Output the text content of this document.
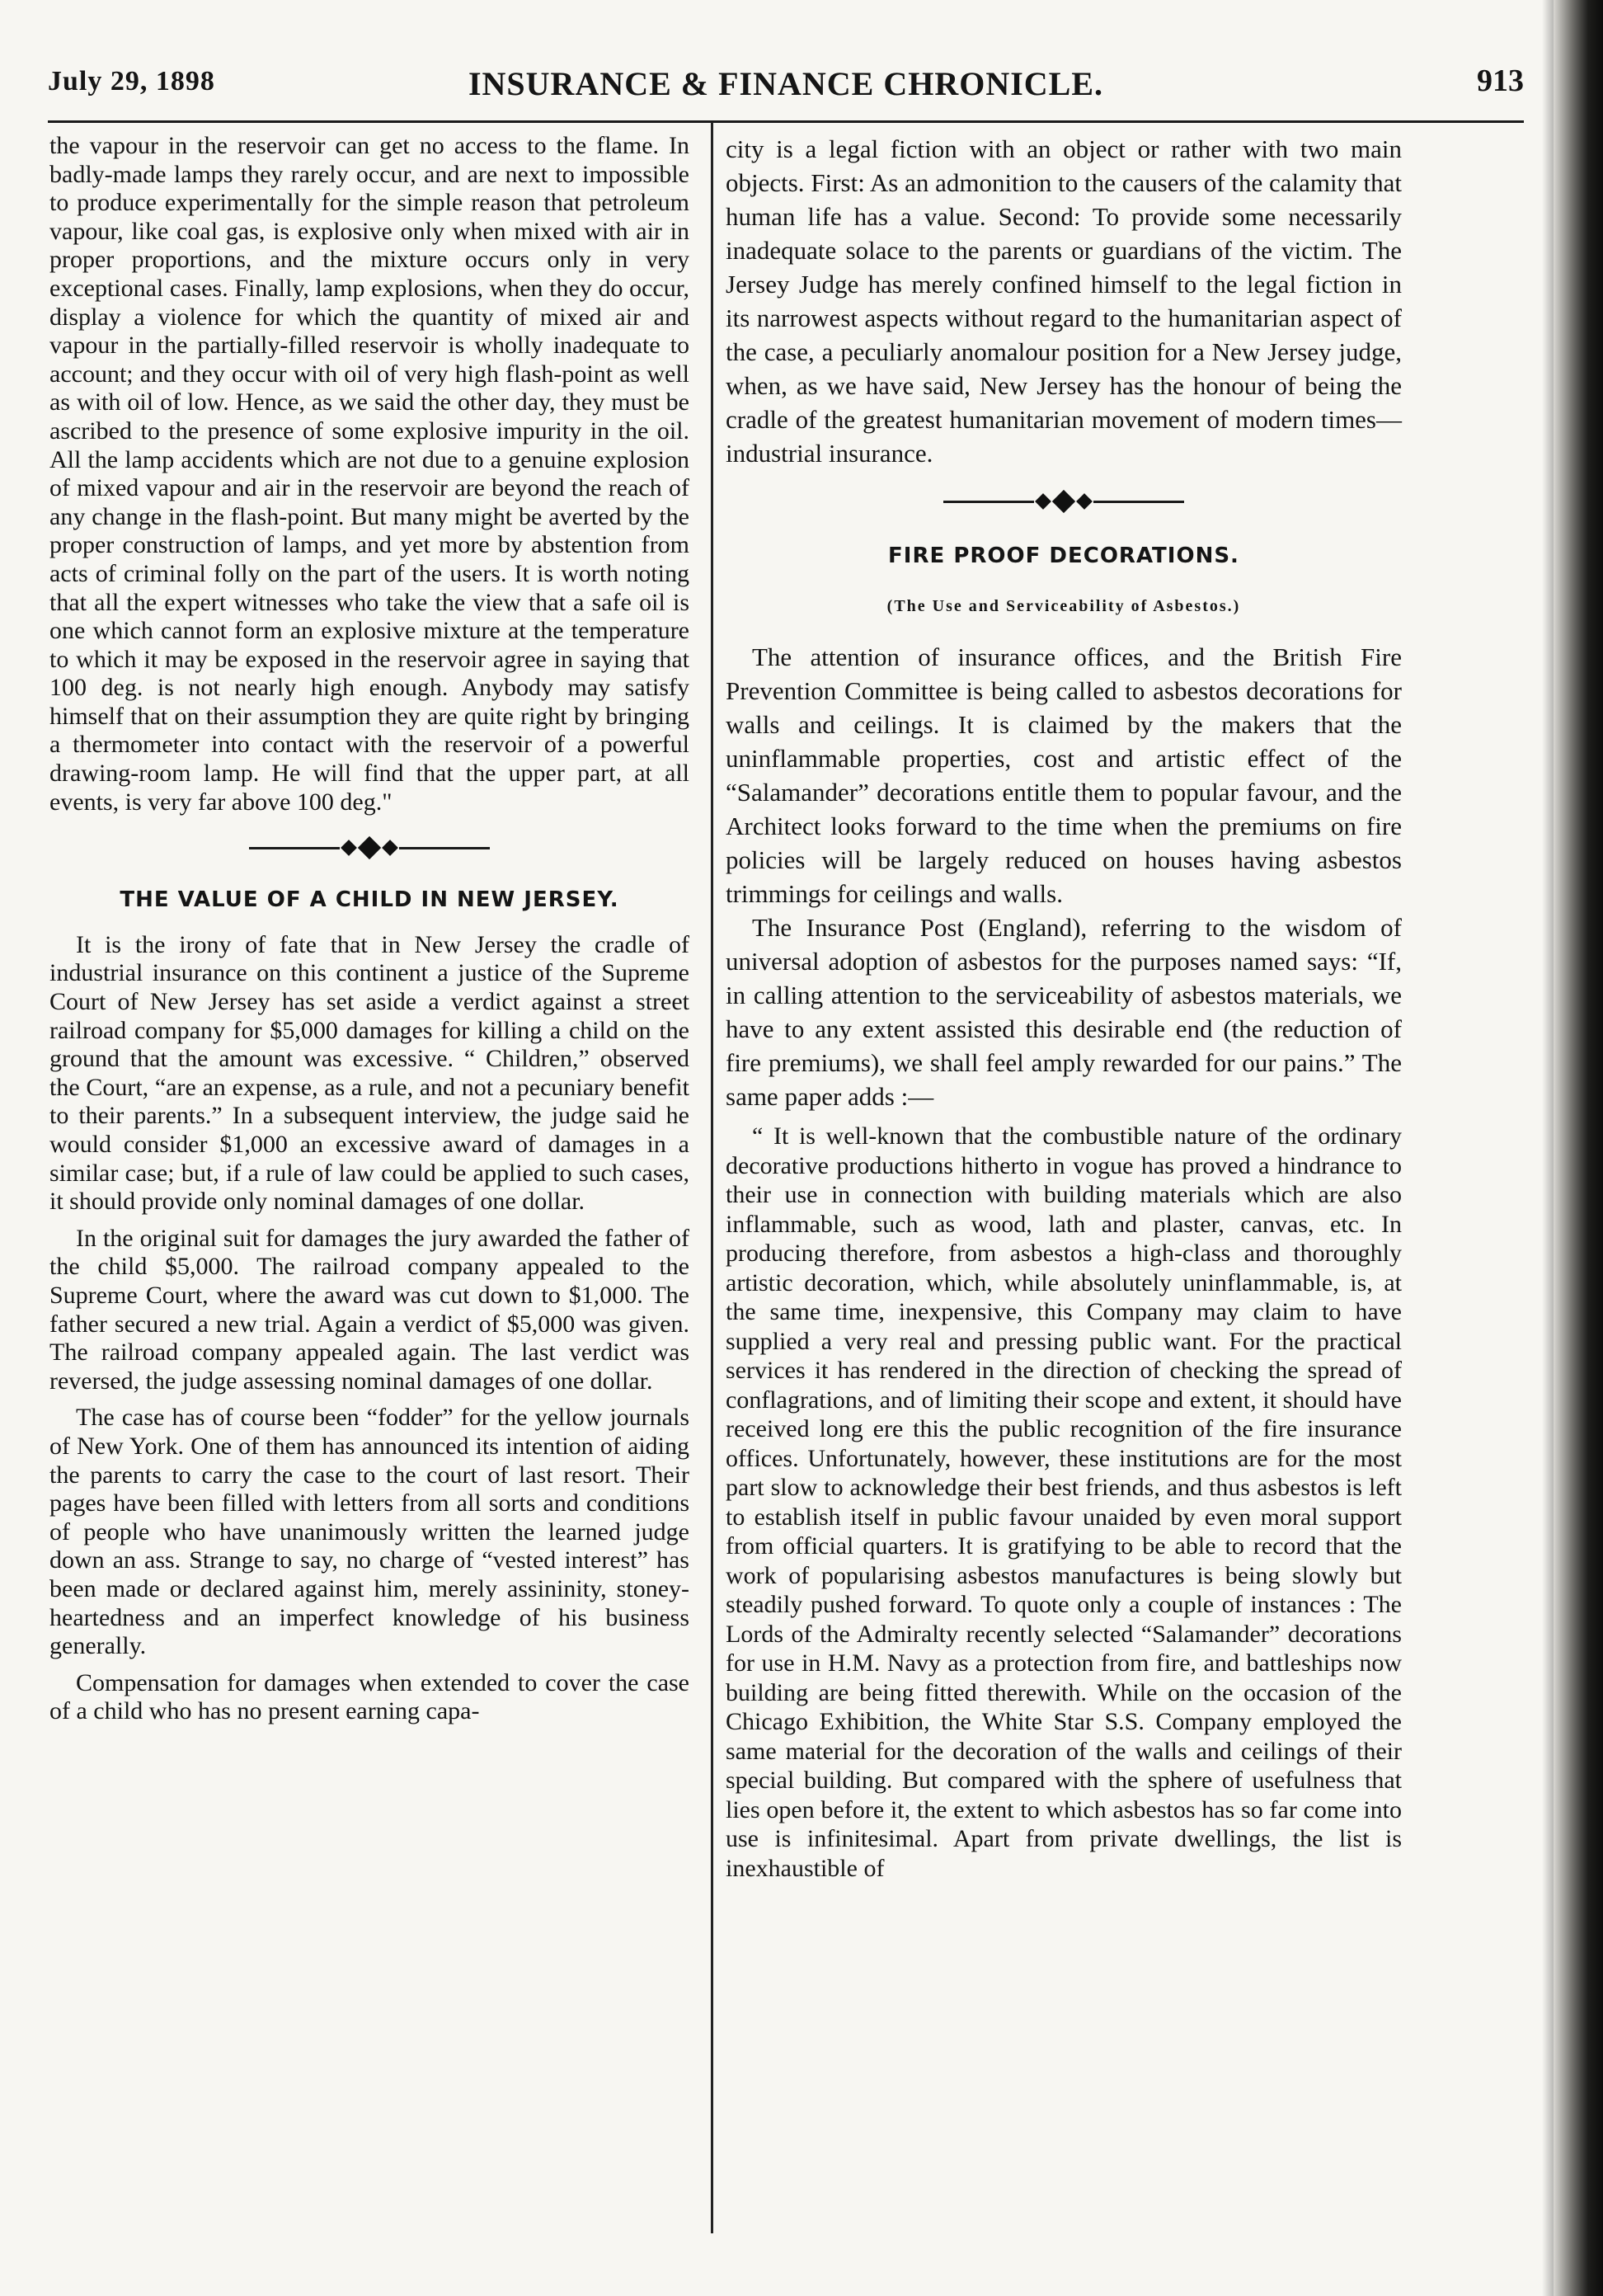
July 29, 1898	INSURANCE & FINANCE CHRONICLE.	913

the vapour in the reservoir can get no access to the flame. In badly-made lamps they rarely occur, and are next to impossible to produce experimentally for the simple reason that petroleum vapour, like coal gas, is explosive only when mixed with air in proper proportions, and the mixture occurs only in very exceptional cases. Finally, lamp explosions, when they do occur, display a violence for which the quantity of mixed air and vapour in the partially-filled reservoir is wholly inadequate to account; and they occur with oil of very high flash-point as well as with oil of low. Hence, as we said the other day, they must be ascribed to the presence of some explosive impurity in the oil. All the lamp accidents which are not due to a genuine explosion of mixed vapour and air in the reservoir are beyond the reach of any change in the flash-point. But many might be averted by the proper construction of lamps, and yet more by abstention from acts of criminal folly on the part of the users. It is worth noting that all the expert witnesses who take the view that a safe oil is one which cannot form an explosive mixture at the temperature to which it may be exposed in the reservoir agree in saying that 100 deg. is not nearly high enough. Anybody may satisfy himself that on their assumption they are quite right by bringing a thermometer into contact with the reservoir of a powerful drawing-room lamp. He will find that the upper part, at all events, is very far above 100 deg."

THE VALUE OF A CHILD IN NEW JERSEY.

It is the irony of fate that in New Jersey the cradle of industrial insurance on this continent a justice of the Supreme Court of New Jersey has set aside a verdict against a street railroad company for $5,000 damages for killing a child on the ground that the amount was excessive. “ Children,” observed the Court, “are an expense, as a rule, and not a pecuniary benefit to their parents.” In a subsequent interview, the judge said he would consider $1,000 an excessive award of damages in a similar case; but, if a rule of law could be applied to such cases, it should provide only nominal damages of one dollar.

In the original suit for damages the jury awarded the father of the child $5,000. The railroad company appealed to the Supreme Court, where the award was cut down to $1,000. The father secured a new trial. Again a verdict of $5,000 was given. The railroad company appealed again. The last verdict was reversed, the judge assessing nominal damages of one dollar.

The case has of course been “fodder” for the yellow journals of New York. One of them has announced its intention of aiding the parents to carry the case to the court of last resort. Their pages have been filled with letters from all sorts and conditions of people who have unanimously written the learned judge down an ass. Strange to say, no charge of “vested interest” has been made or declared against him, merely assininity, stoney-heartedness and an imperfect knowledge of his business generally.

Compensation for damages when extended to cover the case of a child who has no present earning capa-

city is a legal fiction with an object or rather with two main objects. First: As an admonition to the causers of the calamity that human life has a value. Second: To provide some necessarily inadequate solace to the parents or guardians of the victim. The Jersey Judge has merely confined himself to the legal fiction in its narrowest aspects without regard to the humanitarian aspect of the case, a peculiarly anomalour position for a New Jersey judge, when, as we have said, New Jersey has the honour of being the cradle of the greatest humanitarian movement of modern times—industrial insurance.

FIRE PROOF DECORATIONS.
(The Use and Serviceability of Asbestos.)

The attention of insurance offices, and the British Fire Prevention Committee is being called to asbestos decorations for walls and ceilings. It is claimed by the makers that the uninflammable properties, cost and artistic effect of the “Salamander” decorations entitle them to popular favour, and the Architect looks forward to the time when the premiums on fire policies will be largely reduced on houses having asbestos trimmings for ceilings and walls.

The Insurance Post (England), referring to the wisdom of universal adoption of asbestos for the purposes named says: “If, in calling attention to the serviceability of asbestos materials, we have to any extent assisted this desirable end (the reduction of fire premiums), we shall feel amply rewarded for our pains.” The same paper adds :—

“ It is well-known that the combustible nature of the ordinary decorative productions hitherto in vogue has proved a hindrance to their use in connection with building materials which are also inflammable, such as wood, lath and plaster, canvas, etc. In producing therefore, from asbestos a high-class and thoroughly artistic decoration, which, while absolutely uninflammable, is, at the same time, inexpensive, this Company may claim to have supplied a very real and pressing public want. For the practical services it has rendered in the direction of checking the spread of conflagrations, and of limiting their scope and extent, it should have received long ere this the public recognition of the fire insurance offices. Unfortunately, however, these institutions are for the most part slow to acknowledge their best friends, and thus asbestos is left to establish itself in public favour unaided by even moral support from official quarters. It is gratifying to be able to record that the work of popularising asbestos manufactures is being slowly but steadily pushed forward. To quote only a couple of instances : The Lords of the Admiralty recently selected “Salamander” decorations for use in H.M. Navy as a protection from fire, and battleships now building are being fitted therewith. While on the occasion of the Chicago Exhibition, the White Star S.S. Company employed the same material for the decoration of the walls and ceilings of their special building. But compared with the sphere of usefulness that lies open before it, the extent to which asbestos has so far come into use is infinitesimal. Apart from private dwellings, the list is inexhaustible of
